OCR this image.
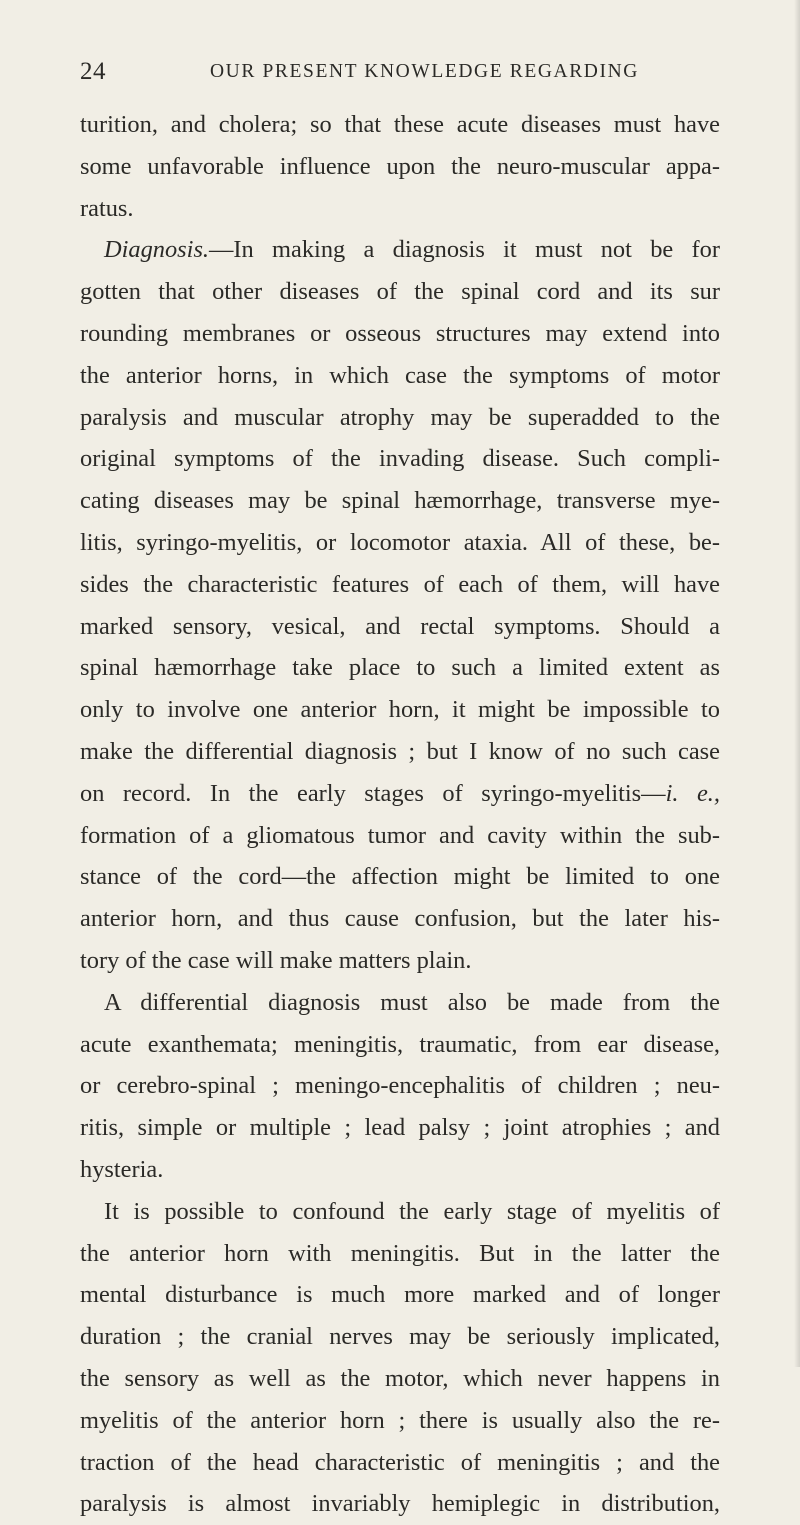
24	OUR PRESENT KNOWLEDGE REGARDING
turition, and cholera; so that these acute diseases must have
some unfavorable influence upon the neuro-muscular appa-
ratus.
Diagnosis.—In making a diagnosis it must not be for
gotten that other diseases of the spinal cord and its sur
rounding membranes or osseous structures may extend into
the anterior horns, in which case the symptoms of motor
paralysis and muscular atrophy may be superadded to the
original symptoms of the invading disease. Such compli-
cating diseases may be spinal hæmorrhage, transverse mye-
litis, syringo-myelitis, or locomotor ataxia. All of these, be-
sides the characteristic features of each of them, will have
marked sensory, vesical, and rectal symptoms. Should a
spinal hæmorrhage take place to such a limited extent as
only to involve one anterior horn, it might be impossible to
make the differential diagnosis ; but I know of no such case
on record. In the early stages of syringo-myelitis—i. e.,
formation of a gliomatous tumor and cavity within the sub-
stance of the cord—the affection might be limited to one
anterior horn, and thus cause confusion, but the later his-
tory of the case will make matters plain.
A differential diagnosis must also be made from the
acute exanthemata; meningitis, traumatic, from ear disease,
or cerebro-spinal ; meningo-encephalitis of children ; neu-
ritis, simple or multiple ; lead palsy ; joint atrophies ; and
hysteria.
It is possible to confound the early stage of myelitis of
the anterior horn with meningitis. But in the latter the
mental disturbance is much more marked and of longer
duration ; the cranial nerves may be seriously implicated,
the sensory as well as the motor, which never happens in
myelitis of the anterior horn ; there is usually also the re-
traction of the head characteristic of meningitis ; and the
paralysis is almost invariably hemiplegic in distribution,
